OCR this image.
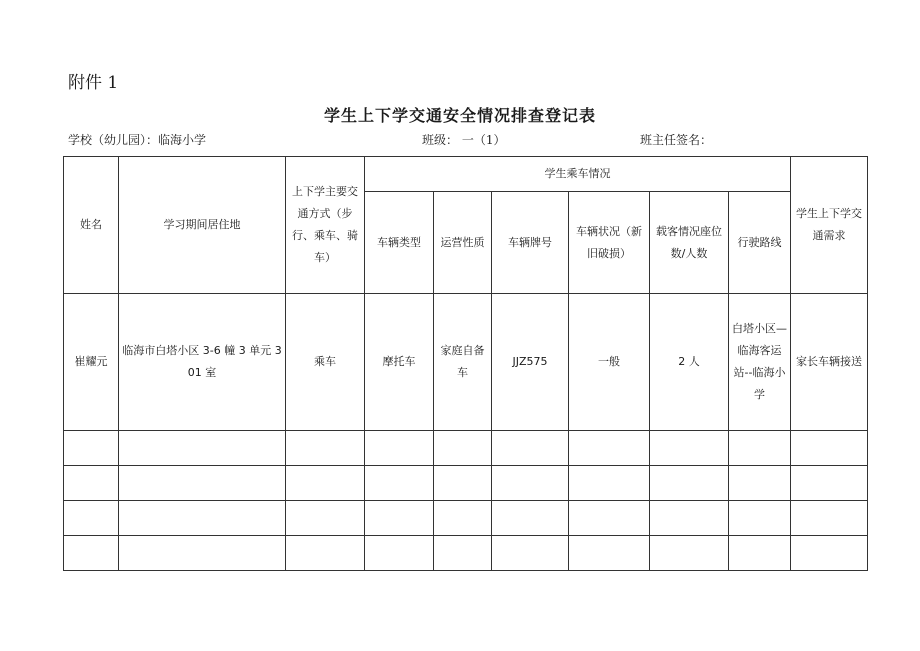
附件 1
学生上下学交通安全情况排查登记表
学校（幼儿园）：临海小学	班级： 一（1）	班主任签名：
姓名	学习期间居住地	上下学主要交通方式（步行、乘车、骑车）	学生乘车情况						学生上下学交通需求
			车辆类型	运营性质	车辆牌号	车辆状况（新旧破损）	载客情况座位数/人数	行驶路线	
崔耀元	临海市白塔小区 3-6 幢 3 单元 301 室	乘车	摩托车	家庭自备车	JJZ575	一般	2 人	白塔小区—临海客运站--临海小学	家长车辆接送
